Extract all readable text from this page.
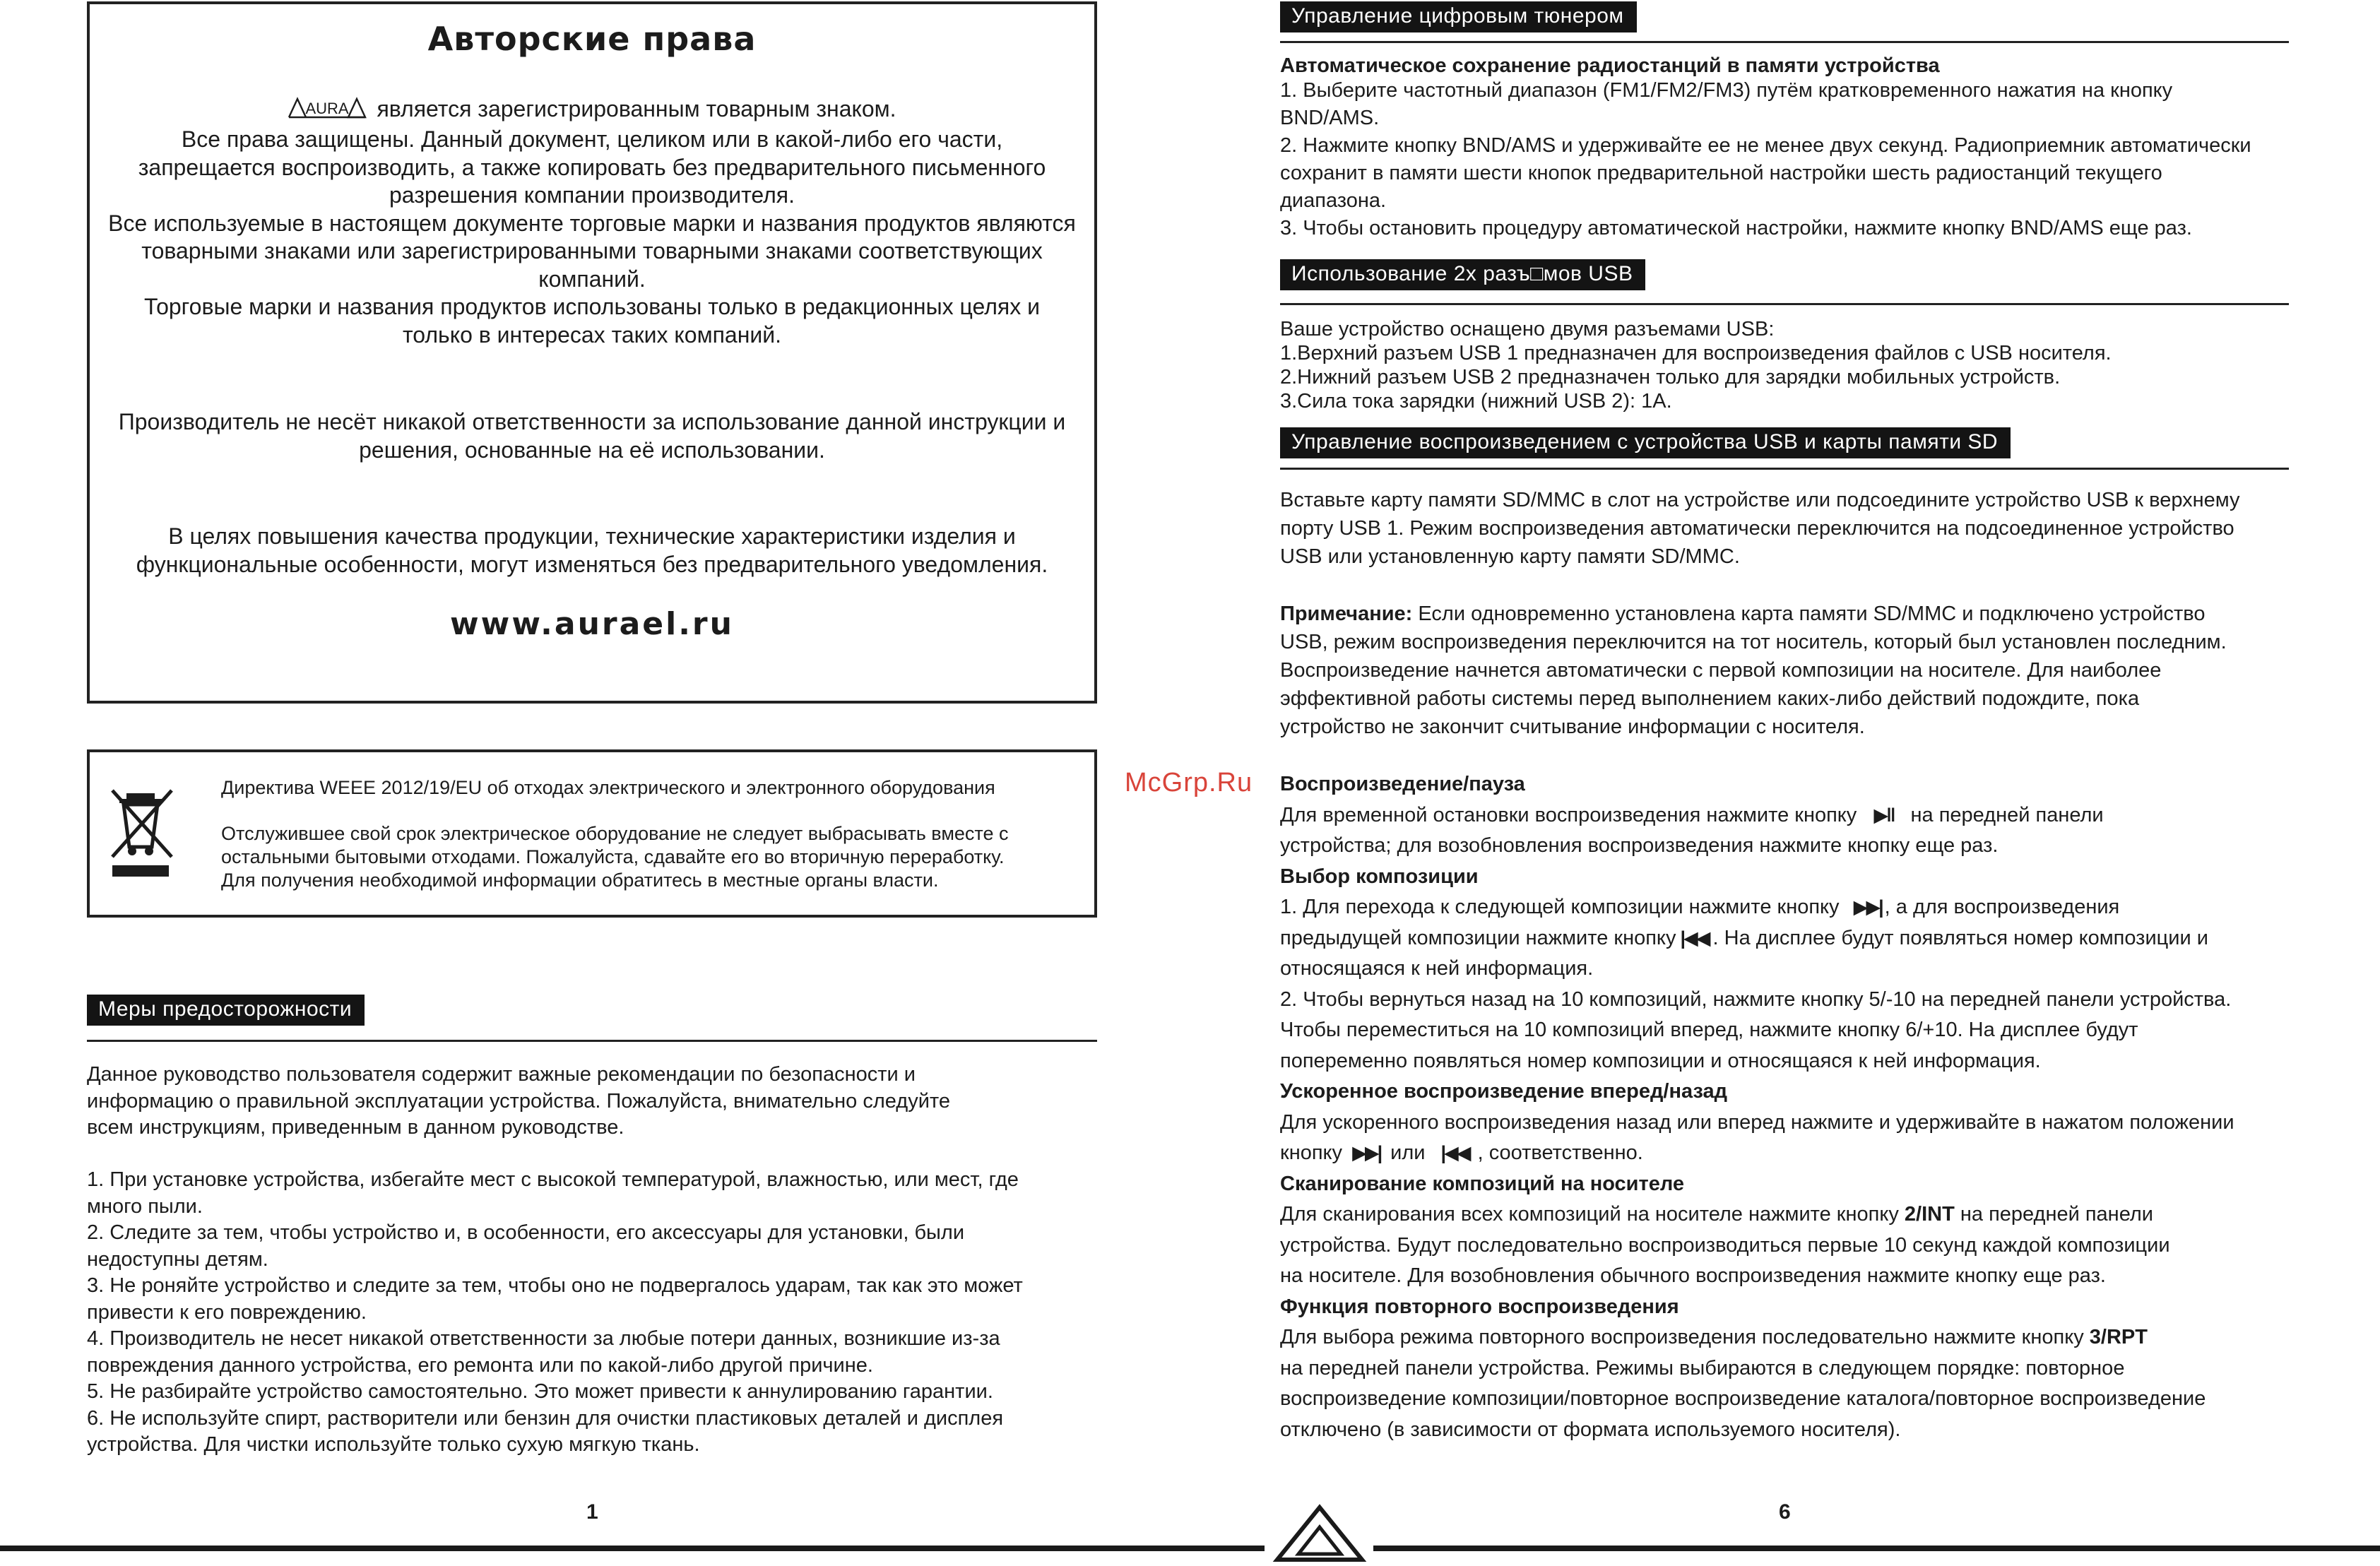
Авторские права
AURA является зарегистрированным товарным знаком.
Все права защищены. Данный документ, целиком или в какой-либо его части,
запрещается воспроизводить, а также копировать без предварительного письменного
разрешения компании производителя.
Все используемые в настоящем документе торговые марки и названия продуктов являются
товарными знаками или зарегистрированными товарными знаками соответствующих
компаний.
Торговые марки и названия продуктов использованы только в редакционных целях и
только в интересах таких компаний.
Производитель не несёт никакой ответственности за использование данной инструкции и
решения, основанные на её использовании.
В целях повышения качества продукции, технические характеристики изделия и
функциональные особенности, могут изменяться без предварительного уведомления.
www.aurael.ru
Директива WEEE 2012/19/EU об отходах электрического и электронного оборудования
Отслужившее свой срок электрическое оборудование не следует выбрасывать вместе с
остальными бытовыми отходами. Пожалуйста, сдавайте его во вторичную переработку.
Для получения необходимой информации обратитесь в местные органы власти.
Меры предосторожности
Данное руководство пользователя содержит важные рекомендации по безопасности и
информацию о правильной эксплуатации устройства. Пожалуйста, внимательно следуйте
всем инструкциям, приведенным в данном руководстве.
1. При установке устройства, избегайте мест с высокой температурой, влажностью, или мест, где
много пыли.
2. Следите за тем, чтобы устройство и, в особенности, его аксессуары для установки, были
недоступны детям.
3. Не роняйте устройство и следите за тем, чтобы оно не подвергалось ударам, так как это может
привести к его повреждению.
4. Производитель не несет никакой ответственности за любые потери данных, возникшие из-за
повреждения данного устройства, его ремонта или по какой-либо другой причине.
5. Не разбирайте устройство самостоятельно. Это может привести к аннулированию гарантии.
6. Не используйте спирт, растворители или бензин для очистки пластиковых деталей и дисплея
устройства. Для чистки используйте только сухую мягкую ткань.
1
Управление цифровым тюнером
Автоматическое сохранение радиостанций в памяти устройства
1. Выберите частотный диапазон (FM1/FM2/FM3) путём кратковременного нажатия на кнопку
BND/AMS.
2. Нажмите кнопку BND/AMS и удерживайте ее не менее двух секунд. Радиоприемник автоматически
сохранит в памяти шести кнопок предварительной настройки шесть радиостанций текущего
диапазона.
3. Чтобы остановить процедуру автоматической настройки, нажмите кнопку BND/AMS еще раз.
Использование 2х разъ□мов USB
Ваше устройство оснащено двумя разъемами USB:
1.Верхний разъем USB 1 предназначен для воспроизведения файлов с USB носителя.
2.Нижний разъем USB 2 предназначен только для зарядки мобильных устройств.
3.Сила тока зарядки (нижний USB 2): 1A.
Управление воспроизведением с устройства USB и карты памяти SD
Вставьте карту памяти SD/MMC в слот на устройстве или подсоедините устройство USB к верхнему
порту USB 1. Режим воспроизведения автоматически переключится на подсоединенное устройство
USB или установленную карту памяти SD/MMC.
Примечание: Если одновременно установлена карта памяти SD/MMC и подключено устройство
USB, режим воспроизведения переключится на тот носитель, который был установлен последним.
Воспроизведение начнется автоматически с первой композиции на носителе. Для наиболее
эффективной работы системы перед выполнением каких-либо действий подождите, пока
устройство не закончит считывание информации с носителя.
Воспроизведение/пауза
Для временной остановки воспроизведения нажмите кнопку ▶‖ на передней панели
устройства; для возобновления воспроизведения нажмите кнопку еще раз.
Выбор композиции
1. Для перехода к следующей композиции нажмите кнопку ▶▶| , а для воспроизведения
предыдущей композиции нажмите кнопку |◀◀ . На дисплее будут появляться номер композиции и
относящаяся к ней информация.
2. Чтобы вернуться назад на 10 композиций, нажмите кнопку 5/-10 на передней панели устройства.
Чтобы переместиться на 10 композиций вперед, нажмите кнопку 6/+10. На дисплее будут
попеременно появляться номер композиции и относящаяся к ней информация.
Ускоренное воспроизведение вперед/назад
Для ускоренного воспроизведения назад или вперед нажмите и удерживайте в нажатом положении
кнопку ▶▶| или |◀◀ , соответственно.
Сканирование композиций на носителе
Для сканирования всех композиций на носителе нажмите кнопку 2/INT на передней панели
устройства. Будут последовательно воспроизводиться первые 10 секунд каждой композиции
на носителе. Для возобновления обычного воспроизведения нажмите кнопку еще раз.
Функция повторного воспроизведения
Для выбора режима повторного воспроизведения последовательно нажмите кнопку 3/RPT
на передней панели устройства. Режимы выбираются в следующем порядке: повторное
воспроизведение композиции/повторное воспроизведение каталога/повторное воспроизведение
отключено (в зависимости от формата используемого носителя).
6
McGrp.Ru
